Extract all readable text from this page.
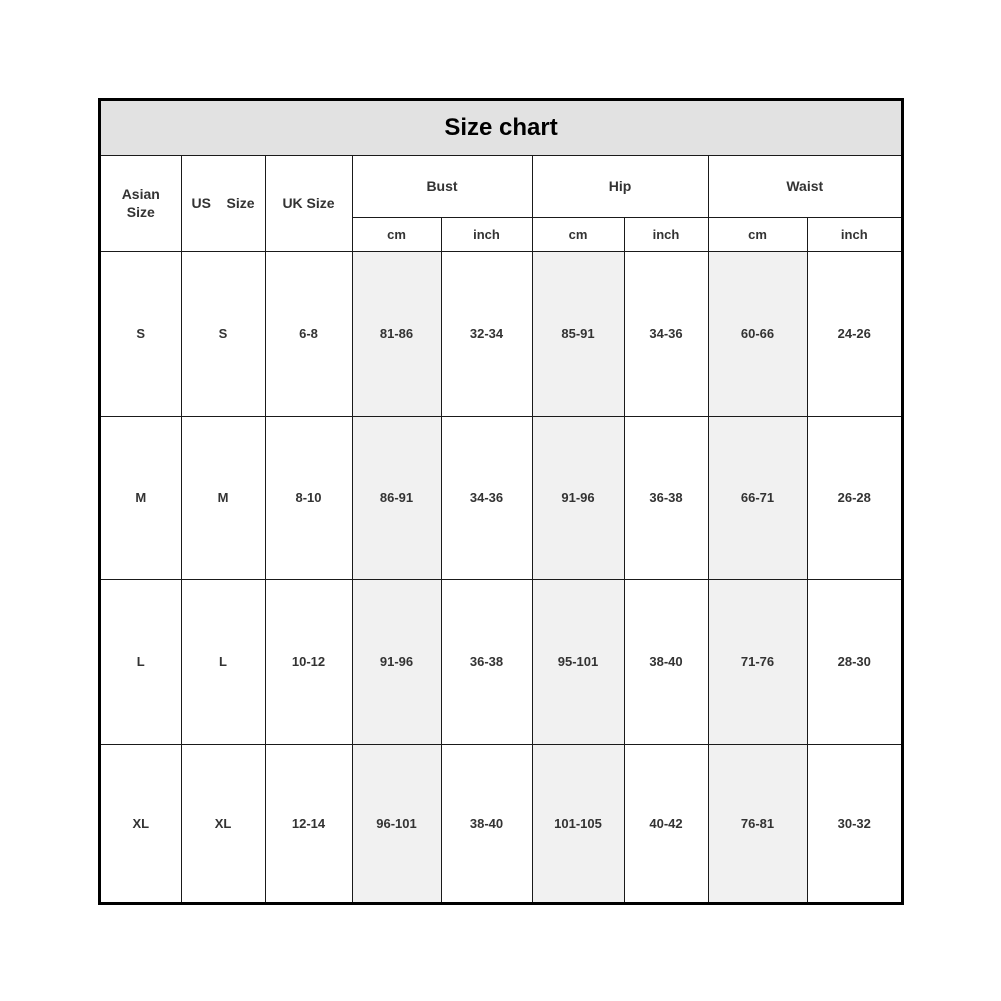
Size chart								
Asian Size	US    Size	UK Size	Bust		Hip		Waist	
			cm	inch	cm	inch	cm	inch
S	S	6-8	81-86	32-34	85-91	34-36	60-66	24-26
M	M	8-10	86-91	34-36	91-96	36-38	66-71	26-28
L	L	10-12	91-96	36-38	95-101	38-40	71-76	28-30
XL	XL	12-14	96-101	38-40	101-105	40-42	76-81	30-32
